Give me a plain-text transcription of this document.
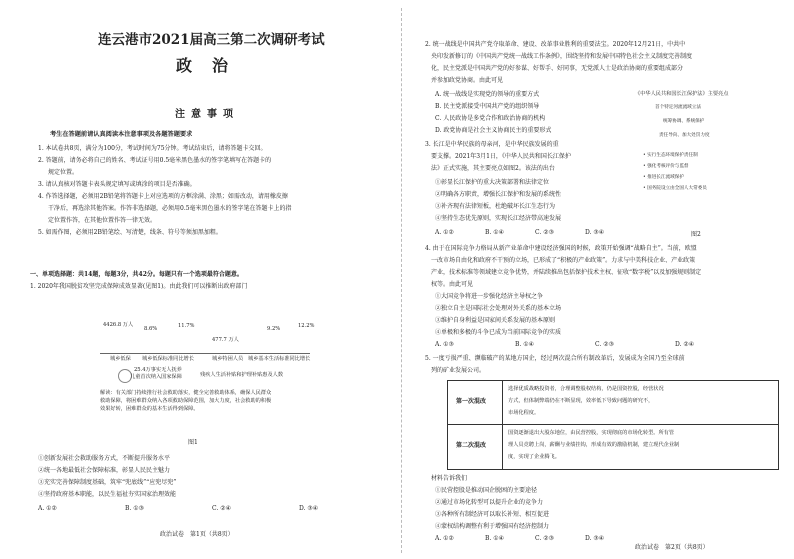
连云港市2021届高三第二次调研考试
政治
注意事项
考生在答题前请认真阅读本注意事项及各题答题要求
1. 本试卷共8页，满分为100分，考试时间为75分钟。考试结束后，请将答题卡交回。
2. 答题前，请务必将自己的姓名、考试证号用0.5毫米黑色墨水的签字笔填写在答题卡的
规定位置。
3. 请认真核对答题卡表头规定填写或填涂的项目是否准确。
4. 作答选择题，必须用2B铅笔将答题卡上对应选项的方框涂满、涂黑；如需改动，请用橡皮擦
干净后，再选涂其他答案。作答非选择题，必须用0.5毫米黑色墨水的签字笔在答题卡上的指
定位置作答，在其他位置作答一律无效。
5. 如需作图，必须用2B铅笔绘、写清楚，线条、符号等须加黑加粗。
一、单项选择题：共14题，每题3分，共42分。每题只有一个选项最符合题意。
1. 2020年我国脱贫攻坚完成保障成效显著(见图1)。由此我们可以推断出政府部门
4426.8 万人
8.6%	11.7%
477.7 万人
9.2%	12.2%
城乡低保 城乡低保标准同比增长	城乡特困人员 城乡基本生活标准同比增长
25.4万事实无人抚养
儿童首次纳入国家保障	残疾人生活补贴和护理补贴惠及人数
解读：有关部门持续推行社会救助落实，健全完善救助体系，确保人民群众
救助保障，将困难群众纳入各项救助保障范围，加大力度，社会救助的积极
效果好转，困难群众的基本生活得到保障。
图1
①创新发展社会救助服务方式，不断提升服务水平
②统一各地最低社会保障标准，彰显人民民主魅力
③充实完善保障制度基础，筑牢“兜底线”“应兜尽兜”
④坚持政府基本职能，以民生福祉夯实国家治理效能
A. ①②	B. ①③	C. ②④	D. ③④
政治试卷　第1页（共8页）
2. 统一战线是中国共产党夺取革命、建设、改革事业胜利的重要法宝。2020年12月21日，中共中
央印发新修订的《中国共产党统一战线工作条例》，围绕坚持和发展中国特色社会主义制度完善制度
化，民主党派是中国共产党的好参谋、好帮手、好同事，无党派人士是政治协商的重要组成部分
并参加政党协商。由此可见
A. 统一战线是实现党的领导的重要方式
B. 民主党派接受中国共产党的组织领导
C. 人民政协是多党合作和政治协商的机构
D. 政党协商是社会主义协商民主的重要形式
3. 长江是中华民族的母亲河，是中华民族发展的重
要支撑。2021年3月1日，《中华人民共和国长江保护
法》正式实施，其主要亮点如图2。该法的出台
《中华人民共和国长江保护法》主要亮点
首个特定河流流域立法
统筹协调、系统保护
责任导向、加大处罚力度
• 实行生态环境保护责任制
• 强化考核评价与监督
• 推进长江流域保护
• 国务院设立由全国人大常委员
图2
①彰显长江保护的重大决策部署和法律定位
②明确各方职责，增强长江保护和发展的系统性
③补齐现有法律短板，杜绝破坏长江生态行为
④坚持生态优先原则，实现长江经济带高速发展
A. ①②	B. ①④	C. ②③	D. ③④
4. 由于在国际竞争力格局从新产业革命中建设经济强国的时候，政策开始强调“战略自主”。当前，欧盟
一改市场自由化和政府不干预的立场，已形成了“积极的产业政策”。力求与中美科技企业、产业政策
产业，技术标准等领域建立竞争优势，并陆续推出包括保护技术主权、征收“数字税”以及加强规则制定
权等。由此可见
①大国竞争将进一步强化经济主导权之争
②独立自主是国际社会处理对外关系的基本立场
③维护自身利益是国家间关系发展的基本原则
④单极和多极的斗争已成为当前国际竞争的实质
A. ①③	B. ①④	C. ②③	D. ②④
5. 一度亏损严重、濒临破产的某地方国企，经过两次混合所有制改革后，发展成为全国乃至全球前
列的矿业发展公司。
第一次混改
选择优质战略投资者，合理调整股权结构，仍是国资控股，经营状况
方式，但体制弊端仍在不断显现，效率低下导致问题的研究不，
市场化程度。
第二次混改
国资逐渐退出大股东地位，由民营控股，实现彻底的市场化转型。所有管
理人员竞聘上岗，薪酬与业绩挂钩，形成有效的激励机制，建立现代企业制
度，实现了企业腾飞。
材料告诉我们
①民营控股是推动国企脱困的主要途径
②通过市场化转型可以提升企业的竞争力
③各种所有制经济可以取长补短、相互促进
④蒙权结构调整有利于增强国有经济控制力
A. ①②	B. ①④	C. ②③	D. ③④
政治试卷　第2页（共8页）
